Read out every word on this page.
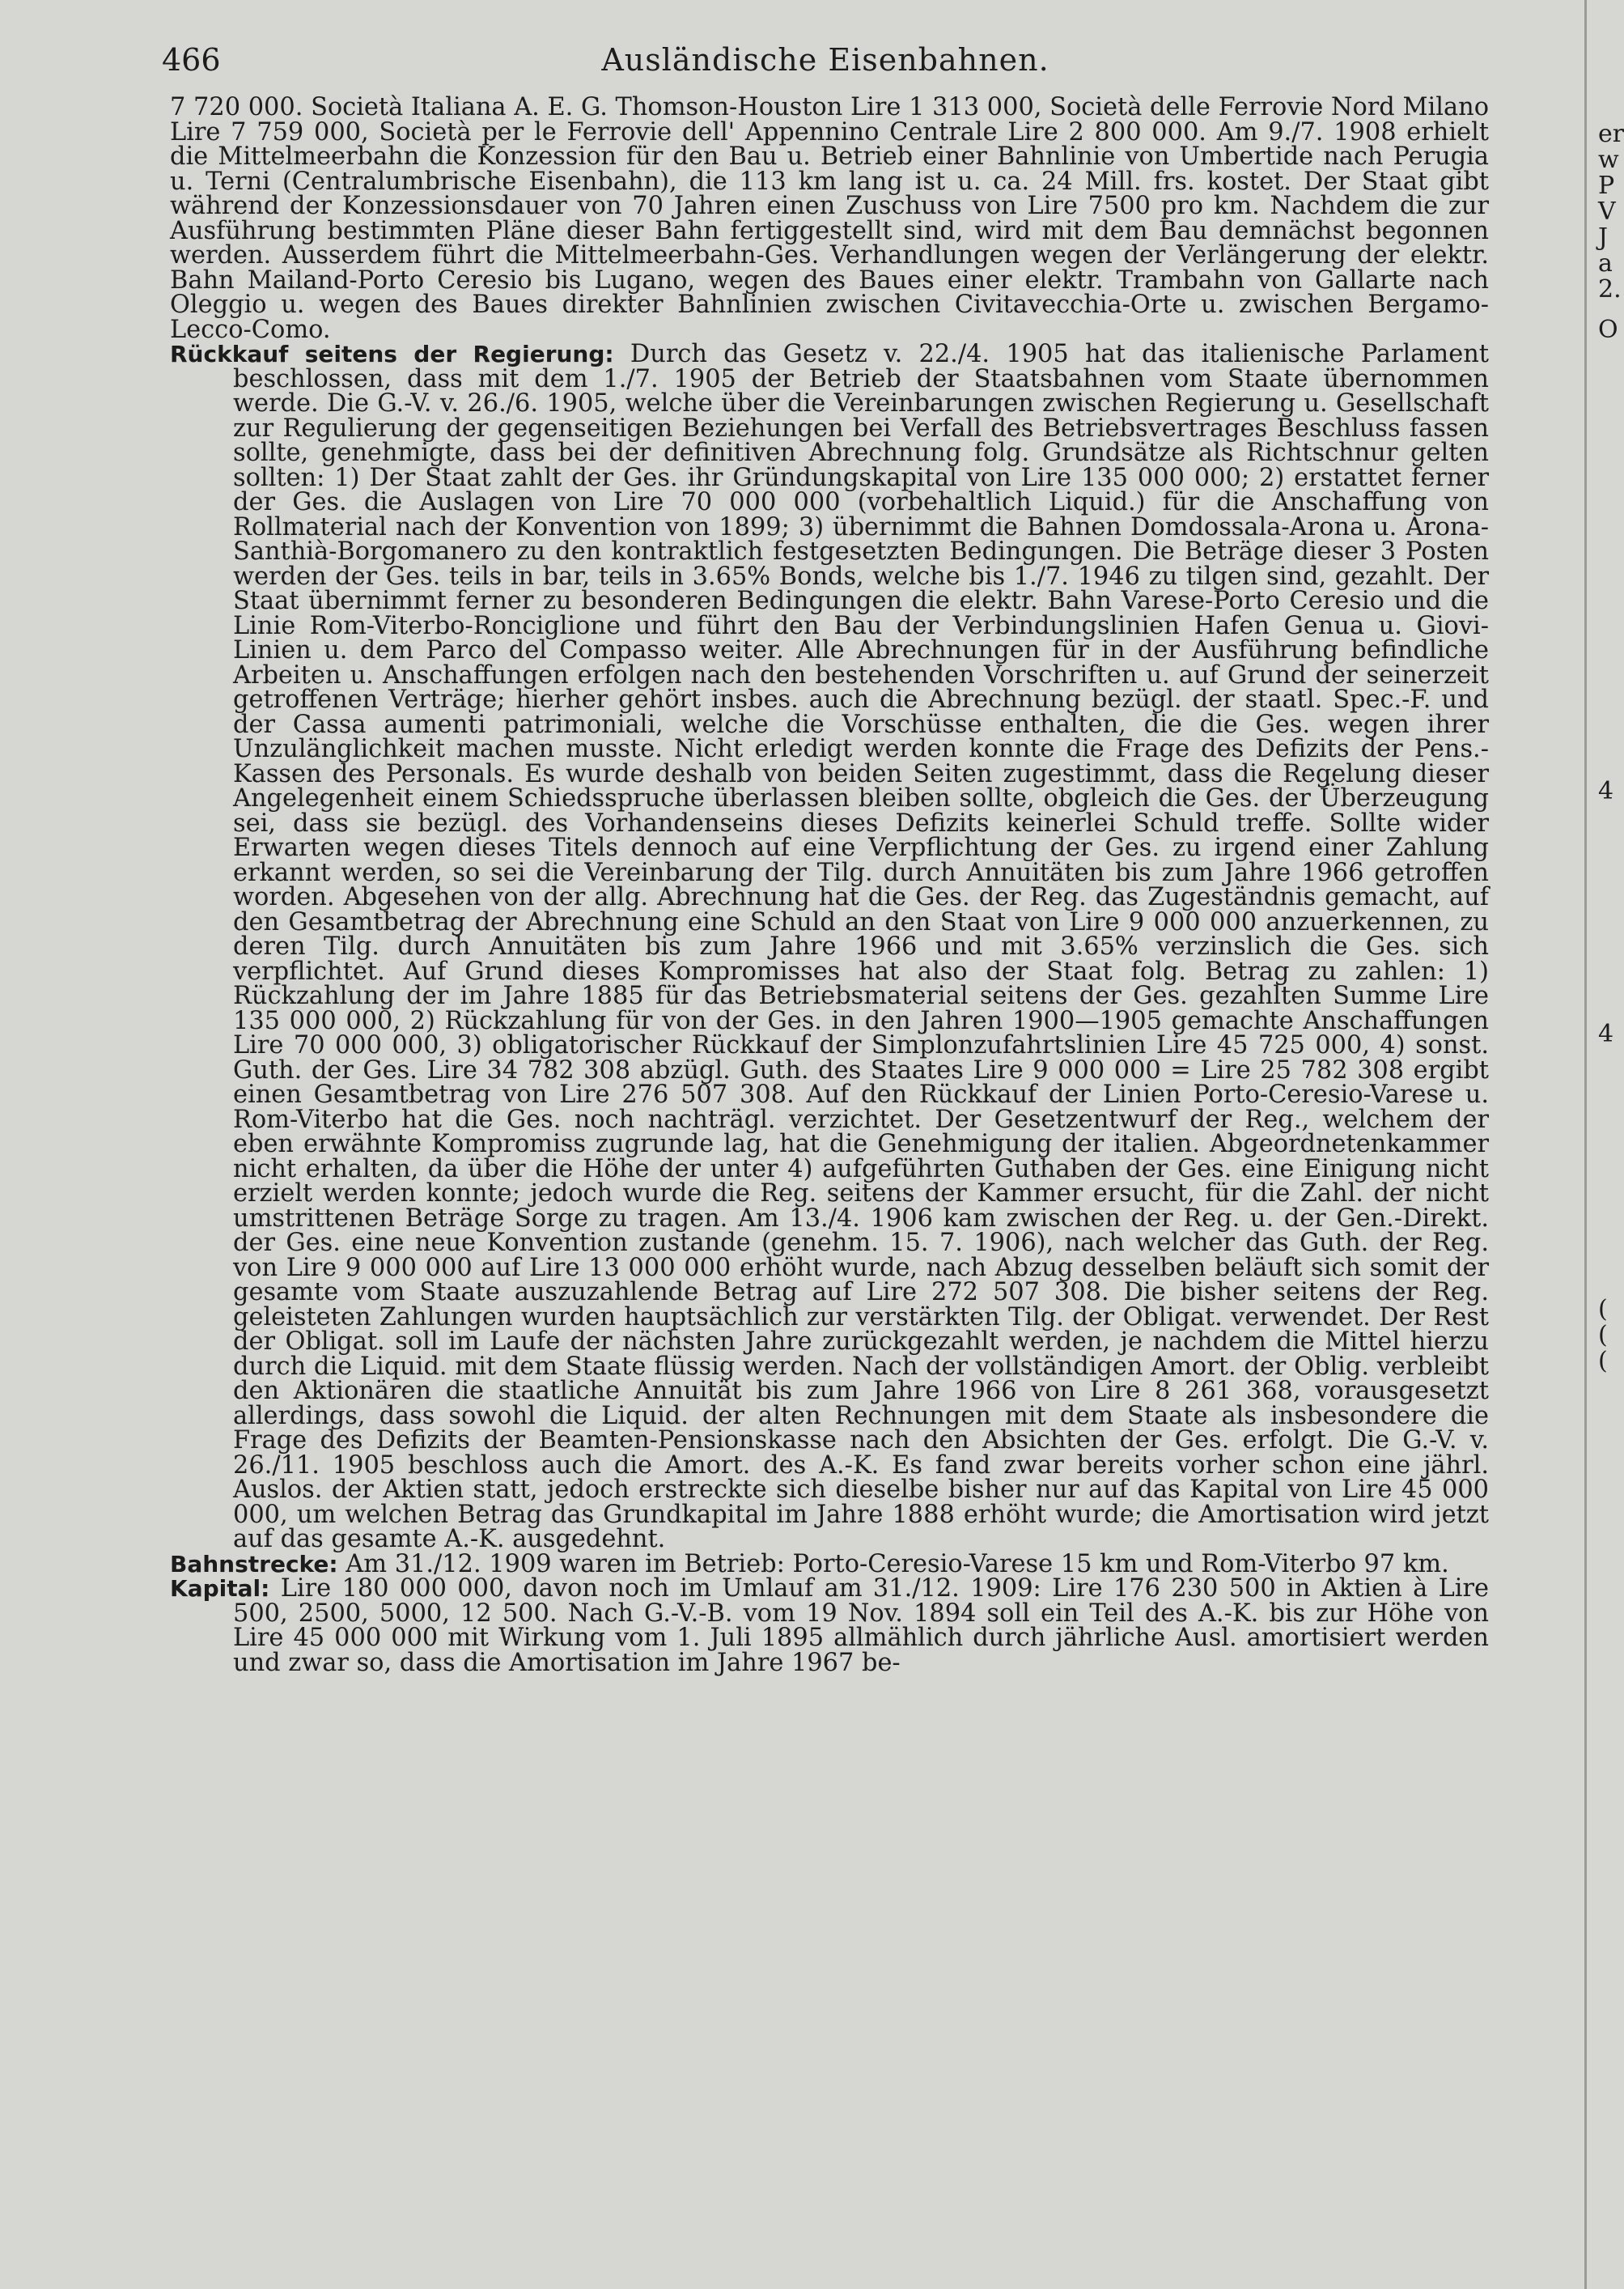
466	Ausländische Eisenbahnen.

7 720 000. Società Italiana A. E. G. Thomson-Houston Lire 1 313 000, Società delle Ferrovie Nord Milano Lire 7 759 000, Società per le Ferrovie dell' Appennino Centrale Lire 2 800 000. Am 9./7. 1908 erhielt die Mittelmeerbahn die Konzession für den Bau u. Betrieb einer Bahnlinie von Umbertide nach Perugia u. Terni (Centralumbrische Eisenbahn), die 113 km lang ist u. ca. 24 Mill. frs. kostet. Der Staat gibt während der Konzessionsdauer von 70 Jahren einen Zuschuss von Lire 7500 pro km. Nachdem die zur Ausführung bestimmten Pläne dieser Bahn fertiggestellt sind, wird mit dem Bau demnächst begonnen werden. Ausserdem führt die Mittelmeerbahn-Ges. Verhandlungen wegen der Verlängerung der elektr. Bahn Mailand-Porto Ceresio bis Lugano, wegen des Baues einer elektr. Trambahn von Gallarte nach Oleggio u. wegen des Baues direkter Bahnlinien zwischen Civitavecchia-Orte u. zwischen Bergamo-Lecco-Como.

Rückkauf seitens der Regierung: Durch das Gesetz v. 22./4. 1905 hat das italienische Parlament beschlossen, dass mit dem 1./7. 1905 der Betrieb der Staatsbahnen vom Staate übernommen werde. Die G.-V. v. 26./6. 1905, welche über die Vereinbarungen zwischen Regierung u. Gesellschaft zur Regulierung der gegenseitigen Beziehungen bei Verfall des Betriebsvertrages Beschluss fassen sollte, genehmigte, dass bei der definitiven Abrechnung folg. Grundsätze als Richtschnur gelten sollten: 1) Der Staat zahlt der Ges. ihr Gründungskapital von Lire 135 000 000; 2) erstattet ferner der Ges. die Auslagen von Lire 70 000 000 (vorbehaltlich Liquid.) für die Anschaffung von Rollmaterial nach der Konvention von 1899; 3) übernimmt die Bahnen Domdossala-Arona u. Arona-Santhià-Borgomanero zu den kontraktlich festgesetzten Bedingungen. Die Beträge dieser 3 Posten werden der Ges. teils in bar, teils in 3.65% Bonds, welche bis 1./7. 1946 zu tilgen sind, gezahlt. Der Staat übernimmt ferner zu besonderen Bedingungen die elektr. Bahn Varese-Porto Ceresio und die Linie Rom-Viterbo-Ronciglione und führt den Bau der Verbindungslinien Hafen Genua u. Giovi-Linien u. dem Parco del Compasso weiter. Alle Abrechnungen für in der Ausführung befindliche Arbeiten u. Anschaffungen erfolgen nach den bestehenden Vorschriften u. auf Grund der seinerzeit getroffenen Verträge; hierher gehört insbes. auch die Abrechnung bezügl. der staatl. Spec.-F. und der Cassa aumenti patrimoniali, welche die Vorschüsse enthalten, die die Ges. wegen ihrer Unzulänglichkeit machen musste. Nicht erledigt werden konnte die Frage des Defizits der Pens.-Kassen des Personals. Es wurde deshalb von beiden Seiten zugestimmt, dass die Regelung dieser Angelegenheit einem Schiedsspruche überlassen bleiben sollte, obgleich die Ges. der Überzeugung sei, dass sie bezügl. des Vorhandenseins dieses Defizits keinerlei Schuld treffe. Sollte wider Erwarten wegen dieses Titels dennoch auf eine Verpflichtung der Ges. zu irgend einer Zahlung erkannt werden, so sei die Vereinbarung der Tilg. durch Annuitäten bis zum Jahre 1966 getroffen worden. Abgesehen von der allg. Abrechnung hat die Ges. der Reg. das Zugeständnis gemacht, auf den Gesamtbetrag der Abrechnung eine Schuld an den Staat von Lire 9 000 000 anzuerkennen, zu deren Tilg. durch Annuitäten bis zum Jahre 1966 und mit 3.65% verzinslich die Ges. sich verpflichtet. Auf Grund dieses Kompromisses hat also der Staat folg. Betrag zu zahlen: 1) Rückzahlung der im Jahre 1885 für das Betriebsmaterial seitens der Ges. gezahlten Summe Lire 135 000 000, 2) Rückzahlung für von der Ges. in den Jahren 1900—1905 gemachte Anschaffungen Lire 70 000 000, 3) obligatorischer Rückkauf der Simplonzufahrtslinien Lire 45 725 000, 4) sonst. Guth. der Ges. Lire 34 782 308 abzügl. Guth. des Staates Lire 9 000 000 = Lire 25 782 308 ergibt einen Gesamtbetrag von Lire 276 507 308. Auf den Rückkauf der Linien Porto-Ceresio-Varese u. Rom-Viterbo hat die Ges. noch nachträgl. verzichtet. Der Gesetzentwurf der Reg., welchem der eben erwähnte Kompromiss zugrunde lag, hat die Genehmigung der italien. Abgeordnetenkammer nicht erhalten, da über die Höhe der unter 4) aufgeführten Guthaben der Ges. eine Einigung nicht erzielt werden konnte; jedoch wurde die Reg. seitens der Kammer ersucht, für die Zahl. der nicht umstrittenen Beträge Sorge zu tragen. Am 13./4. 1906 kam zwischen der Reg. u. der Gen.-Direkt. der Ges. eine neue Konvention zustande (genehm. 15. 7. 1906), nach welcher das Guth. der Reg. von Lire 9 000 000 auf Lire 13 000 000 erhöht wurde, nach Abzug desselben beläuft sich somit der gesamte vom Staate auszuzahlende Betrag auf Lire 272 507 308. Die bisher seitens der Reg. geleisteten Zahlungen wurden hauptsächlich zur verstärkten Tilg. der Obligat. verwendet. Der Rest der Obligat. soll im Laufe der nächsten Jahre zurückgezahlt werden, je nachdem die Mittel hierzu durch die Liquid. mit dem Staate flüssig werden. Nach der vollständigen Amort. der Oblig. verbleibt den Aktionären die staatliche Annuität bis zum Jahre 1966 von Lire 8 261 368, vorausgesetzt allerdings, dass sowohl die Liquid. der alten Rechnungen mit dem Staate als insbesondere die Frage des Defizits der Beamten-Pensionskasse nach den Absichten der Ges. erfolgt. Die G.-V. v. 26./11. 1905 beschloss auch die Amort. des A.-K. Es fand zwar bereits vorher schon eine jährl. Auslos. der Aktien statt, jedoch erstreckte sich dieselbe bisher nur auf das Kapital von Lire 45 000 000, um welchen Betrag das Grundkapital im Jahre 1888 erhöht wurde; die Amortisation wird jetzt auf das gesamte A.-K. ausgedehnt.

Bahnstrecke: Am 31./12. 1909 waren im Betrieb: Porto-Ceresio-Varese 15 km und Rom-Viterbo 97 km.

Kapital: Lire 180 000 000, davon noch im Umlauf am 31./12. 1909: Lire 176 230 500 in Aktien à Lire 500, 2500, 5000, 12 500. Nach G.-V.-B. vom 19 Nov. 1894 soll ein Teil des A.-K. bis zur Höhe von Lire 45 000 000 mit Wirkung vom 1. Juli 1895 allmählich durch jährliche Ausl. amortisiert werden und zwar so, dass die Amortisation im Jahre 1967 be-

er
w
P
V
J
a
2.
O
4
4
(
(
(
